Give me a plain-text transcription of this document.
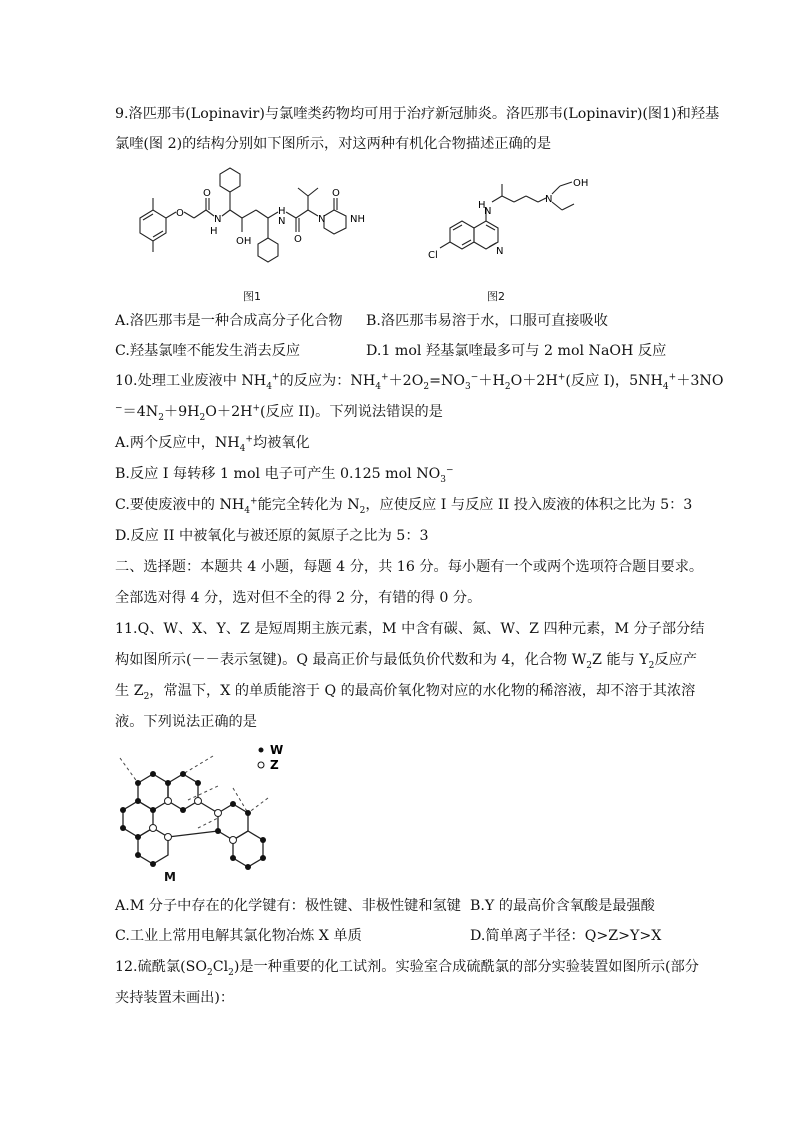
9.洛匹那韦(Lopinavir)与氯喹类药物均可用于治疗新冠肺炎。洛匹那韦(Lopinavir)(图1)和羟基
氯喹(图 2)的结构分别如下图所示，对这两种有机化合物描述正确的是
O
O
N
H
OH
H
N
O
N
O
NH
图1
Cl	N
H
N
N
OH
图2
A.洛匹那韦是一种合成高分子化合物 B.洛匹那韦易溶于水，口服可直接吸收
C.羟基氯喹不能发生消去反应	D.1 mol 羟基氯喹最多可与 2 mol NaOH 反应
10.处理工业废液中 $NH_4^+$的反应为：$NH_4^++2O_2=NO_3^-+H_2O+2H^+$(反应 I)，$5NH_4^++3NO$
$^-=4N_2+9H_2O+2H^+$(反应 II)。下列说法错误的是
A.两个反应中，$NH_4^+$均被氧化
B.反应 I 每转移 1 mol 电子可产生 0.125 mol $NO_3^-$
C.要使废液中的 $NH_4^+$能完全转化为 $N_2$，应使反应 I 与反应 II 投入废液的体积之比为 5：3
D.反应 II 中被氧化与被还原的氮原子之比为 5：3
二、选择题：本题共 4 小题，每题 4 分，共 16 分。每小题有一个或两个选项符合题目要求。
全部选对得 4 分，选对但不全的得 2 分，有错的得 0 分。
11.Q、W、X、Y、Z 是短周期主族元素，M 中含有碳、氮、W、Z 四种元素，M 分子部分结
构如图所示(－－表示氢键)。Q 最高正价与最低负价代数和为 4，化合物 $W_2Z$ 能与 $Y_2$反应产
生 $Z_2$，常温下，X 的单质能溶于 Q 的最高价氧化物对应的水化物的稀溶液，却不溶于其浓溶
液。下列说法正确的是
W
Z
M
A.M 分子中存在的化学键有：极性键、非极性键和氢键 B.Y 的最高价含氧酸是最强酸
C.工业上常用电解其氯化物冶炼 X 单质	D.简单离子半径：Q>Z>Y>X
12.硫酰氯$(SO_2Cl_2)$是一种重要的化工试剂。实验室合成硫酰氯的部分实验装置如图所示(部分
夹持装置未画出)：
